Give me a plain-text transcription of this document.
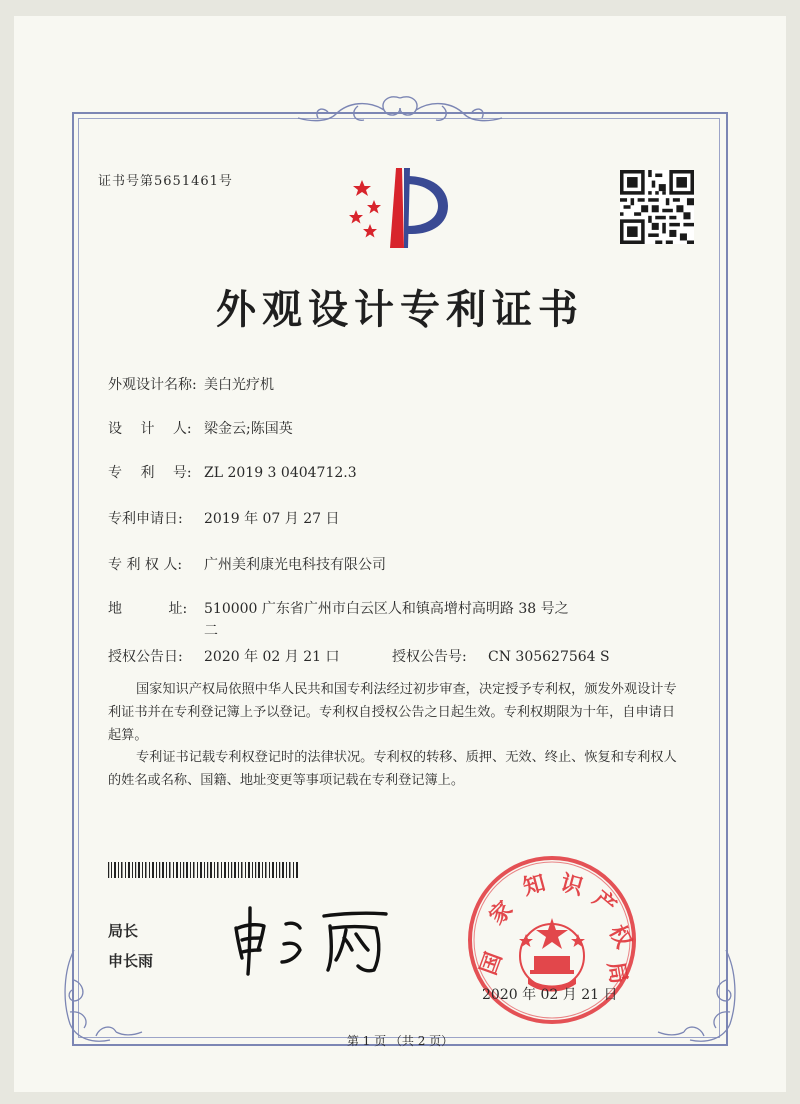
证书号第5651461号
外观设计专利证书
外观设计名称: 美白光疗机
设　 计 　人: 梁金云;陈国英
专　 利 　号: ZL 2019 3 0404712.3
专利申请日: 2019 年 07 月 27 日
专 利 权 人: 广州美利康光电科技有限公司
地　　　 址: 510000 广东省广州市白云区人和镇高增村高明路 38 号之
二
授权公告日: 2020 年 02 月 21 口	授权公告号: CN 305627564 S
国家知识产权局依照中华人民共和国专利法经过初步审查，决定授予专利权，颁发外观设计专利证书并在专利登记簿上予以登记。专利权自授权公告之日起生效。专利权期限为十年，自申请日起算。
专利证书记载专利权登记时的法律状况。专利权的转移、质押、无效、终止、恢复和专利权人的姓名或名称、国籍、地址变更等事项记载在专利登记簿上。
局长
申长雨	国
家
知 识
产
权
局
2020 年 02 月 21 日
第 1 页 （共 2 页）
